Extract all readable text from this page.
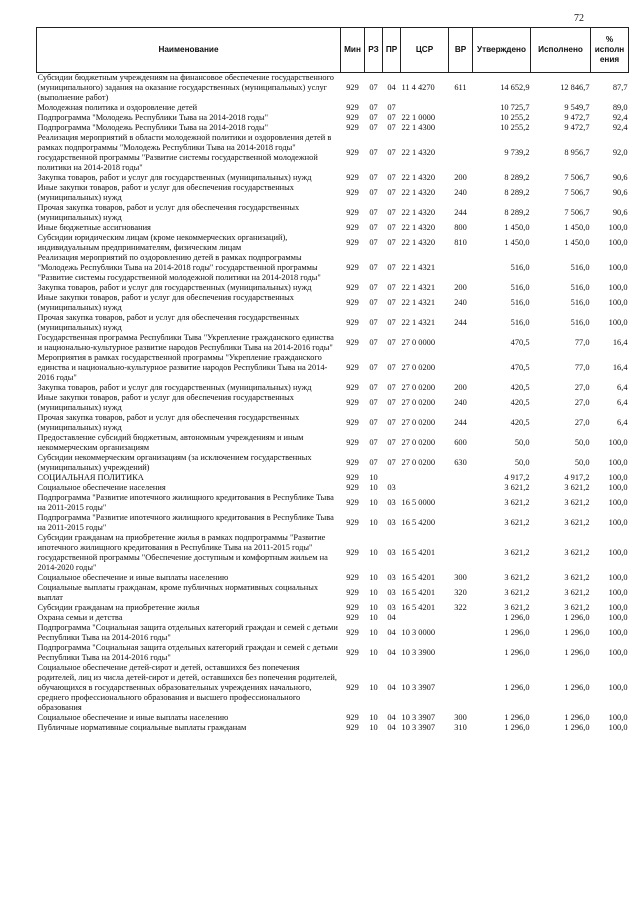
72
Наименование	Мин	РЗ	ПР	ЦСР	ВР	Утверждено	Исполнено	% исполн ения
Субсидии бюджетным учреждениям на финансовое обеспечение государственного (муниципального) задания на оказание государственных (муниципальных) услуг (выполнение работ)	929	07	04	11 4 4270	611	14 652,9	12 846,7	87,7
Молодежная политика и оздоровление детей	929	07	07			10 725,7	9 549,7	89,0
Подпрограмма "Молодежь Республики Тыва на 2014-2018 годы"	929	07	07	22 1 0000		10 255,2	9 472,7	92,4
Подпрограмма "Молодежь Республики Тыва на 2014-2018 годы"	929	07	07	22 1 4300		10 255,2	9 472,7	92,4
Реализация мероприятий в области молодежной политики и оздоровления детей в рамках подпрограммы "Молодежь Республики Тыва на 2014-2018 годы" государственной программы "Развитие системы государственной молодежной политики на 2014-2018 годы"	929	07	07	22 1 4320		9 739,2	8 956,7	92,0
Закупка товаров, работ и услуг для государственных (муниципальных) нужд	929	07	07	22 1 4320	200	8 289,2	7 506,7	90,6
Иные закупки товаров, работ и услуг для обеспечения государственных (муниципальных) нужд	929	07	07	22 1 4320	240	8 289,2	7 506,7	90,6
Прочая закупка товаров, работ и услуг для обеспечения государственных (муниципальных) нужд	929	07	07	22 1 4320	244	8 289,2	7 506,7	90,6
Иные бюджетные ассигнования	929	07	07	22 1 4320	800	1 450,0	1 450,0	100,0
Субсидии юридическим лицам (кроме некоммерческих организаций), индивидуальным предпринимателям, физическим лицам	929	07	07	22 1 4320	810	1 450,0	1 450,0	100,0
Реализация мероприятий по оздоровлению детей в рамках подпрограммы "Молодежь Республики Тыва на 2014-2018 годы" государственной программы "Развитие системы государственной молодежной политики на 2014-2018 годы"	929	07	07	22 1 4321		516,0	516,0	100,0
Закупка товаров, работ и услуг для государственных (муниципальных) нужд	929	07	07	22 1 4321	200	516,0	516,0	100,0
Иные закупки товаров, работ и услуг для обеспечения государственных (муниципальных) нужд	929	07	07	22 1 4321	240	516,0	516,0	100,0
Прочая закупка товаров, работ и услуг для обеспечения государственных (муниципальных) нужд	929	07	07	22 1 4321	244	516,0	516,0	100,0
Государственная программа Республики Тыва "Укрепление гражданского единства и национально-культурное развитие народов Республики Тыва на 2014-2016 годы"	929	07	07	27 0 0000		470,5	77,0	16,4
Мероприятия в рамках государственной программы "Укрепление гражданского единства и национально-культурное развитие народов Республики Тыва на 2014-2016 годы"	929	07	07	27 0 0200		470,5	77,0	16,4
Закупка товаров, работ и услуг для государственных (муниципальных) нужд	929	07	07	27 0 0200	200	420,5	27,0	6,4
Иные закупки товаров, работ и услуг для обеспечения государственных (муниципальных) нужд	929	07	07	27 0 0200	240	420,5	27,0	6,4
Прочая закупка товаров, работ и услуг для обеспечения государственных (муниципальных) нужд	929	07	07	27 0 0200	244	420,5	27,0	6,4
Предоставление субсидий бюджетным, автономным учреждениям и иным некоммерческим организациям	929	07	07	27 0 0200	600	50,0	50,0	100,0
Субсидии некоммерческим организациям (за исключением государственных (муниципальных) учреждений)	929	07	07	27 0 0200	630	50,0	50,0	100,0
СОЦИАЛЬНАЯ ПОЛИТИКА	929	10				4 917,2	4 917,2	100,0
Социальное обеспечение населения	929	10	03			3 621,2	3 621,2	100,0
Подпрограмма "Развитие ипотечного жилищного кредитования в Республике Тыва на 2011-2015 годы"	929	10	03	16 5 0000		3 621,2	3 621,2	100,0
Подпрограмма "Развитие ипотечного жилищного кредитования в Республике Тыва на 2011-2015 годы"	929	10	03	16 5 4200		3 621,2	3 621,2	100,0
Субсидии гражданам на приобретение жилья в рамках подпрограммы "Развитие ипотечного жилищного кредитования в Республике Тыва на 2011-2015 годы" государственной программы "Обеспечение доступным и комфортным жильем на 2014-2020 годы"	929	10	03	16 5 4201		3 621,2	3 621,2	100,0
Социальное обеспечение и иные выплаты населению	929	10	03	16 5 4201	300	3 621,2	3 621,2	100,0
Социальные выплаты гражданам, кроме публичных нормативных социальных выплат	929	10	03	16 5 4201	320	3 621,2	3 621,2	100,0
Субсидии гражданам на приобретение жилья	929	10	03	16 5 4201	322	3 621,2	3 621,2	100,0
Охрана семьи и детства	929	10	04			1 296,0	1 296,0	100,0
Подпрограмма "Социальная защита отдельных категорий граждан и семей с детьми Республики Тыва на 2014-2016 годы"	929	10	04	10 3 0000		1 296,0	1 296,0	100,0
Подпрограмма "Социальная защита отдельных категорий граждан и семей с детьми Республики Тыва на 2014-2016 годы"	929	10	04	10 3 3900		1 296,0	1 296,0	100,0
Социальное обеспечение детей-сирот и детей, оставшихся без попечения родителей, лиц из числа детей-сирот и детей, оставшихся без попечения родителей, обучающихся в государственных образовательных учреждениях начального, среднего профессионального образования и высшего профессионального образования	929	10	04	10 3 3907		1 296,0	1 296,0	100,0
Социальное обеспечение и иные выплаты населению	929	10	04	10 3 3907	300	1 296,0	1 296,0	100,0
Публичные нормативные социальные выплаты гражданам	929	10	04	10 3 3907	310	1 296,0	1 296,0	100,0
